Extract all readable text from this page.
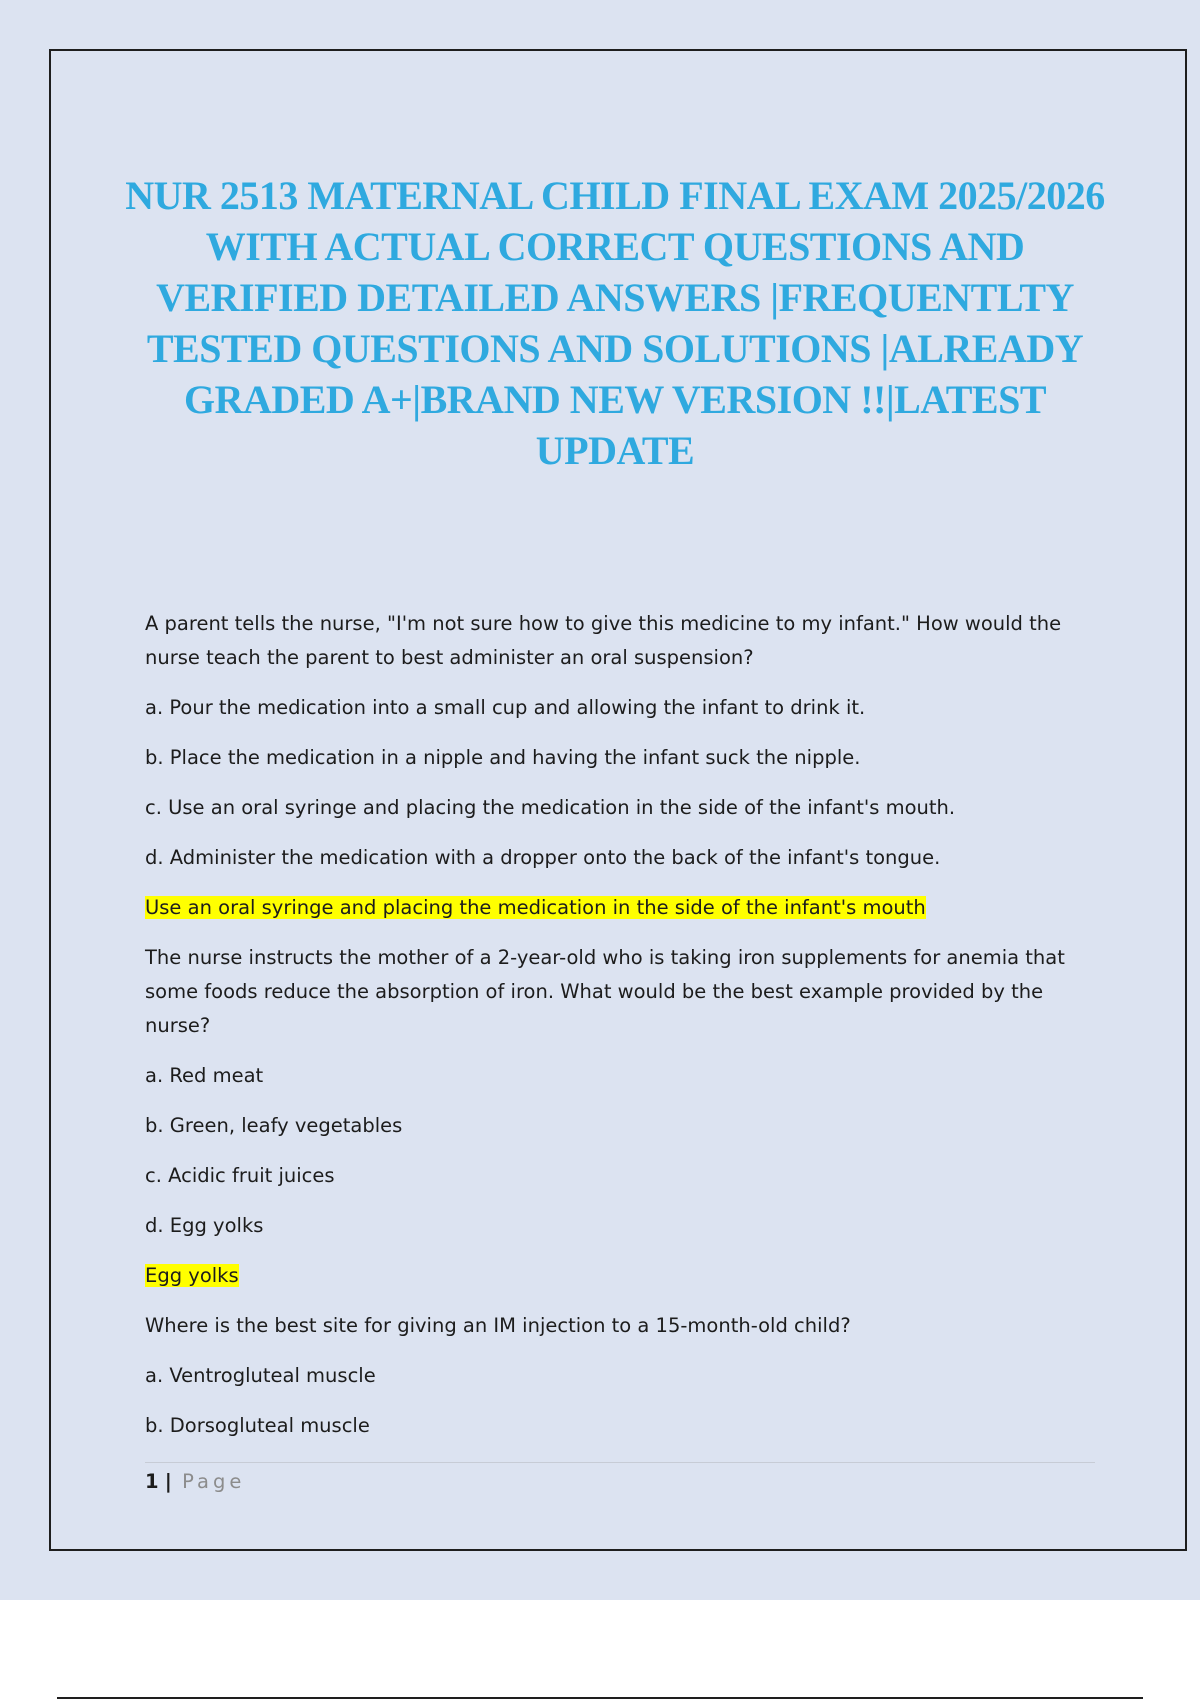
NUR 2513 MATERNAL CHILD FINAL EXAM 2025/2026 WITH ACTUAL CORRECT QUESTIONS AND VERIFIED DETAILED ANSWERS |FREQUENTLTY TESTED QUESTIONS AND SOLUTIONS |ALREADY GRADED A+|BRAND NEW VERSION !!|LATEST UPDATE
A parent tells the nurse, "I'm not sure how to give this medicine to my infant." How would the nurse teach the parent to best administer an oral suspension?
a. Pour the medication into a small cup and allowing the infant to drink it.
b. Place the medication in a nipple and having the infant suck the nipple.
c. Use an oral syringe and placing the medication in the side of the infant's mouth.
d. Administer the medication with a dropper onto the back of the infant's tongue.
Use an oral syringe and placing the medication in the side of the infant's mouth
The nurse instructs the mother of a 2-year-old who is taking iron supplements for anemia that some foods reduce the absorption of iron. What would be the best example provided by the nurse?
a. Red meat
b. Green, leafy vegetables
c. Acidic fruit juices
d. Egg yolks
Egg yolks
Where is the best site for giving an IM injection to a 15-month-old child?
a. Ventrogluteal muscle
b. Dorsogluteal muscle
1 | Page
